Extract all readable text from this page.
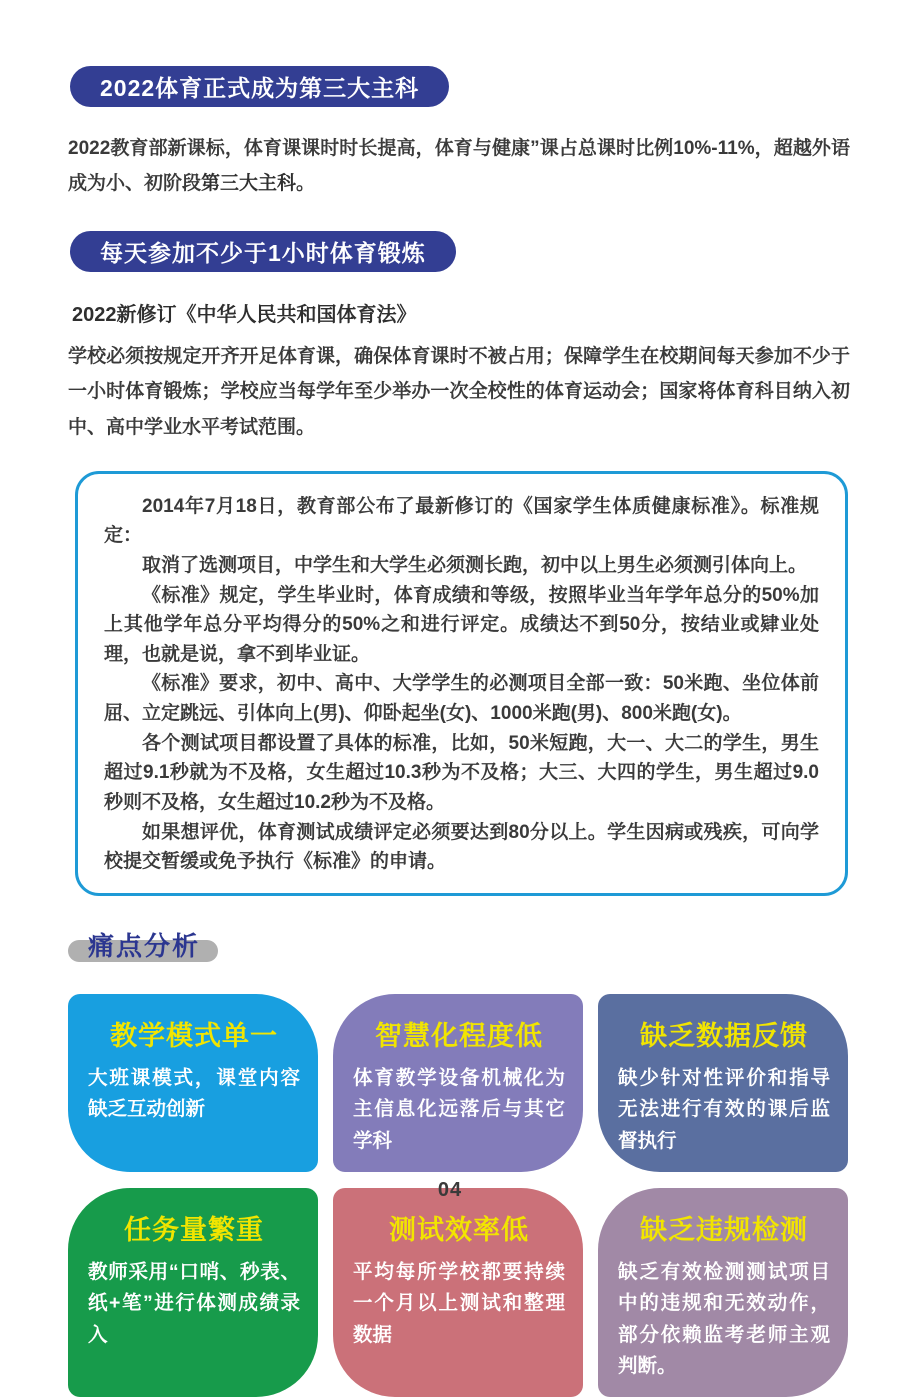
2022体育正式成为第三大主科

2022教育部新课标，体育课课时时长提高，体育与健康”课占总课时比例10%-11%，超越外语成为小、初阶段第三大主科。

每天参加不少于1小时体育锻炼

2022新修订《中华人民共和国体育法》

学校必须按规定开齐开足体育课，确保体育课时不被占用；保障学生在校期间每天参加不少于一小时体育锻炼；学校应当每学年至少举办一次全校性的体育运动会；国家将体育科目纳入初中、高中学业水平考试范围。

2014年7月18日，教育部公布了最新修订的《国家学生体质健康标准》。标准规定：

取消了选测项目，中学生和大学生必须测长跑，初中以上男生必须测引体向上。

《标准》规定，学生毕业时，体育成绩和等级，按照毕业当年学年总分的50%加上其他学年总分平均得分的50%之和进行评定。成绩达不到50分，按结业或肄业处理，也就是说，拿不到毕业证。

《标准》要求，初中、高中、大学学生的必测项目全部一致：50米跑、坐位体前屈、立定跳远、引体向上(男)、仰卧起坐(女)、1000米跑(男)、800米跑(女)。

各个测试项目都设置了具体的标准，比如，50米短跑，大一、大二的学生，男生超过9.1秒就为不及格，女生超过10.3秒为不及格；大三、大四的学生，男生超过9.0秒则不及格，女生超过10.2秒为不及格。

如果想评优，体育测试成绩评定必须要达到80分以上。学生因病或残疾，可向学校提交暂缓或免予执行《标准》的申请。

痛点分析
教学模式单一
大班课模式，课堂内容缺乏互动创新
智慧化程度低
体育教学设备机械化为主信息化远落后与其它学科
缺乏数据反馈
缺少针对性评价和指导无法进行有效的课后监督执行
任务量繁重
教师采用“口哨、秒表、纸+笔”进行体测成绩录入
测试效率低
平均每所学校都要持续一个月以上测试和整理数据
缺乏违规检测
缺乏有效检测测试项目中的违规和无效动作，部分依赖监考老师主观判断。
04
